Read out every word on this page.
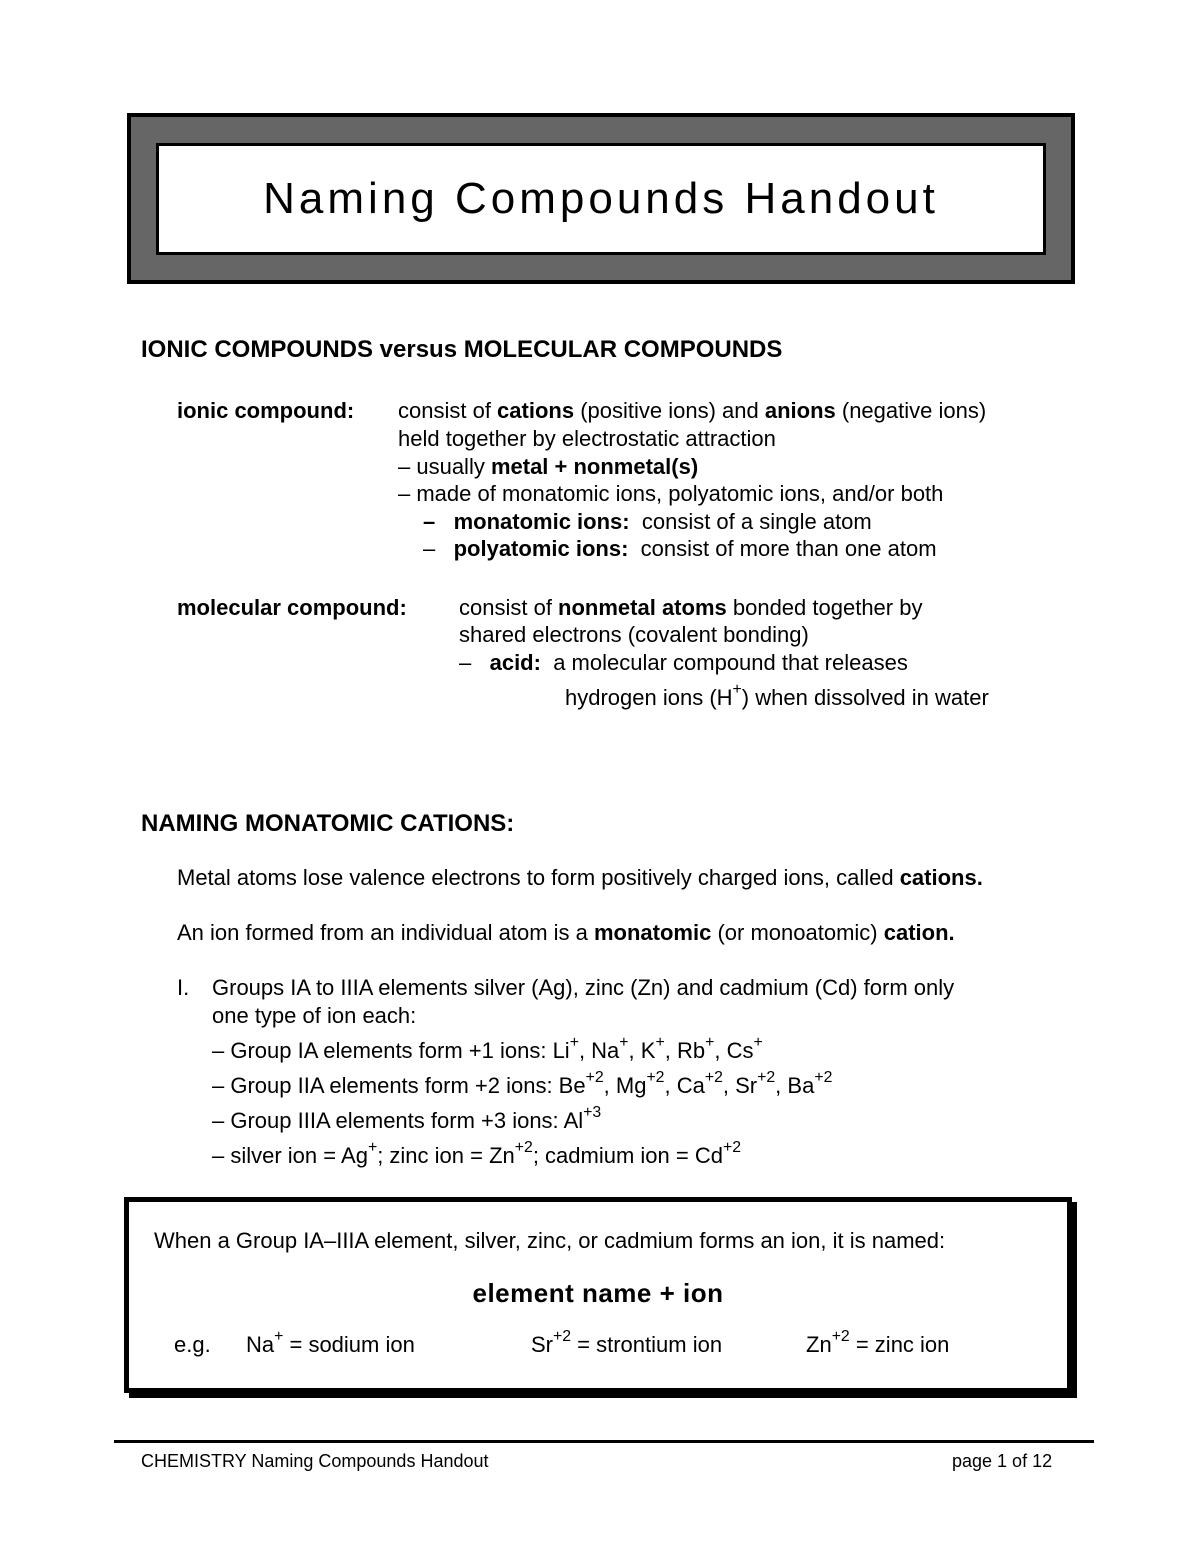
Naming Compounds Handout
IONIC COMPOUNDS versus MOLECULAR COMPOUNDS
ionic compound: consist of cations (positive ions) and anions (negative ions)
held together by electrostatic attraction
– usually metal + nonmetal(s)
– made of monatomic ions, polyatomic ions, and/or both
– monatomic ions: consist of a single atom
– polyatomic ions: consist of more than one atom
molecular compound: consist of nonmetal atoms bonded together by
shared electrons (covalent bonding)
– acid: a molecular compound that releases
hydrogen ions (H+) when dissolved in water
NAMING MONATOMIC CATIONS:
Metal atoms lose valence electrons to form positively charged ions, called cations.
An ion formed from an individual atom is a monatomic (or monoatomic) cation.
I. Groups IA to IIIA elements silver (Ag), zinc (Zn) and cadmium (Cd) form only
one type of ion each:
– Group IA elements form +1 ions: Li+, Na+, K+, Rb+, Cs+
– Group IIA elements form +2 ions: $Be^{+2}$, $Mg^{+2}$, $Ca^{+2}$, $Sr^{+2}$, $Ba^{+2}$
– Group IIIA elements form +3 ions: $Al^{+3}$
– silver ion = Ag+; zinc ion = $Zn^{+2}$; cadmium ion = $Cd^{+2}$
When a Group IA–IIIA element, silver, zinc, or cadmium forms an ion, it is named:
element name + ion
e.g. Na+ = sodium ion	$Sr^{+2}$ = strontium ion	$Zn^{+2}$ = zinc ion
CHEMISTRY Naming Compounds Handout	page 1 of 12
